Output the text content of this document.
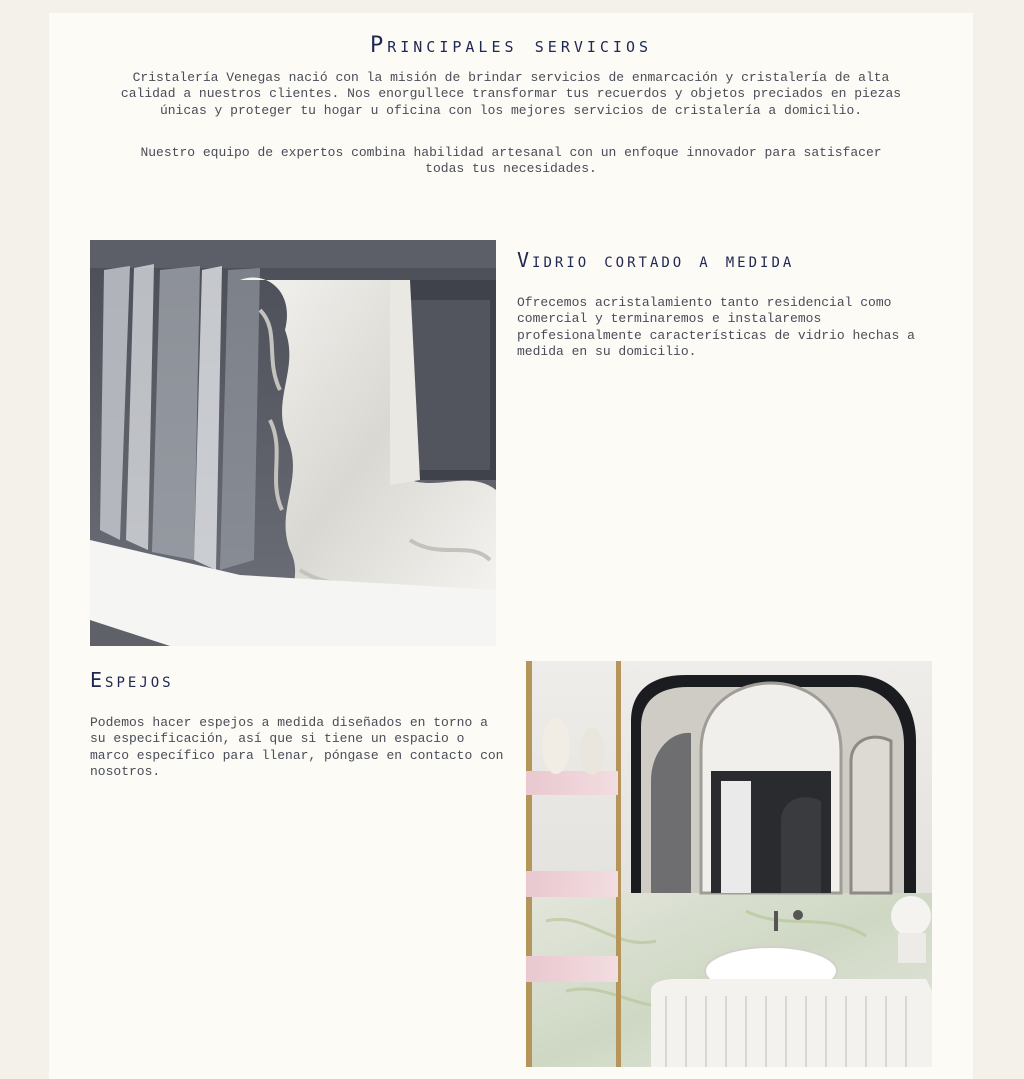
Principales servicios

Cristalería Venegas nació con la misión de brindar servicios de enmarcación y cristalería de alta calidad a nuestros clientes. Nos enorgullece transformar tus recuerdos y objetos preciados en piezas únicas y proteger tu hogar u oficina con los mejores servicios de cristalería a domicilio.

Nuestro equipo de expertos combina habilidad artesanal con un enfoque innovador para satisfacer todas tus necesidades.

Vidrio cortado a medida

Ofrecemos acristalamiento tanto residencial como comercial y terminaremos e instalaremos profesionalmente características de vidrio hechas a medida en su domicilio.

Espejos

Podemos hacer espejos a medida diseñados en torno a su especificación, así que si tiene un espacio o marco específico para llenar, póngase en contacto con nosotros.
